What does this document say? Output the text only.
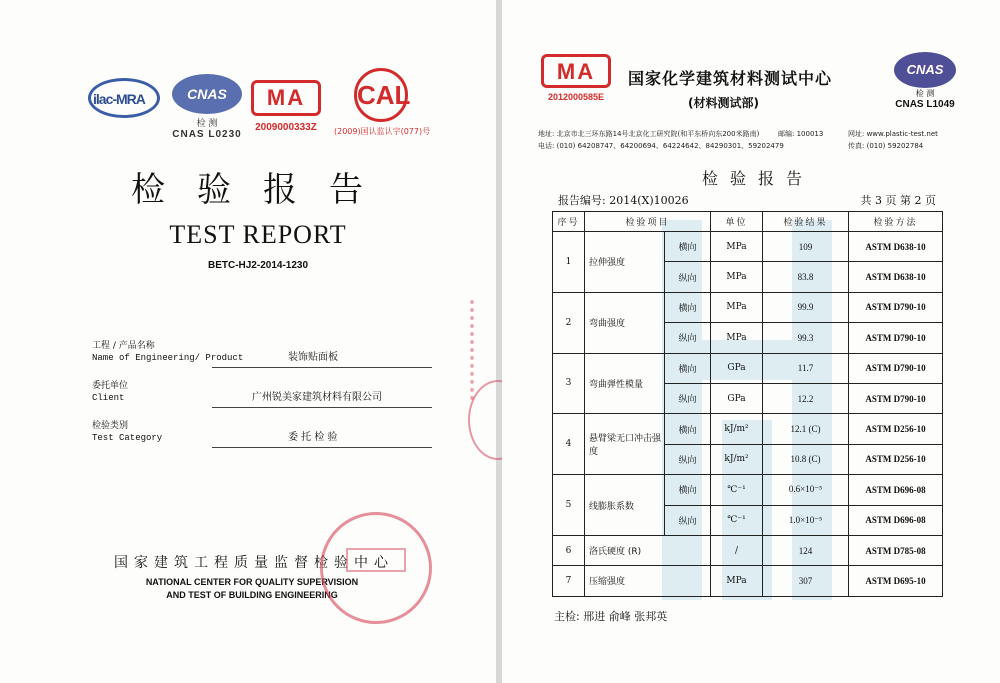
ilac-MRA	CNAS
检 测
CNAS L0230
MA
2009000333Z
CAL
(2009)国认监认字(077)号
检验报告
TEST REPORT
BETC-HJ2-2014-1230
工程 / 产品名称
Name of Engineering/ Product	装饰贴面板
委托单位
Client	广州锐美家建筑材料有限公司
检验类别
Test Category	委 托 检 验
国家建筑工程质量监督检验中心
NATIONAL CENTER FOR QUALITY SUPERVISION
AND TEST OF BUILDING ENGINEERING
MA
2012000585E
国家化学建筑材料测试中心
(材料测试部)
CNAS
检 测
CNAS L1049
地址: 北京市北三环东路14号北京化工研究院(和平东桥向东200米路南)	邮编: 100013	网址: www.plastic-test.net
电话: (010) 64208747、64200694、64224642、84290301、59202479	传真: (010) 59202784
检验报告
报告编号: 2014(X)10026	共 3 页 第 2 页
序号	检验项目		单位	检验结果	检验方法
1	拉伸强度	横向	MPa	109	ASTM D638-10
		纵向	MPa	83.8	ASTM D638-10
2	弯曲强度	横向	MPa	99.9	ASTM D790-10
		纵向	MPa	99.3	ASTM D790-10
3	弯曲弹性模量	横向	GPa	11.7	ASTM D790-10
		纵向	GPa	12.2	ASTM D790-10
4	悬臂梁无口冲击强度	横向	kJ/m²	12.1 (C)	ASTM D256-10
		纵向	kJ/m²	10.8 (C)	ASTM D256-10
5	线膨胀系数	横向	℃⁻¹	0.6×10⁻⁵	ASTM D696-08
		纵向	℃⁻¹	1.0×10⁻⁵	ASTM D696-08
6	洛氏硬度 (R)		/	124	ASTM D785-08
7	压缩强度		MPa	307	ASTM D695-10
主检: 邢进 俞峰 张邦英
